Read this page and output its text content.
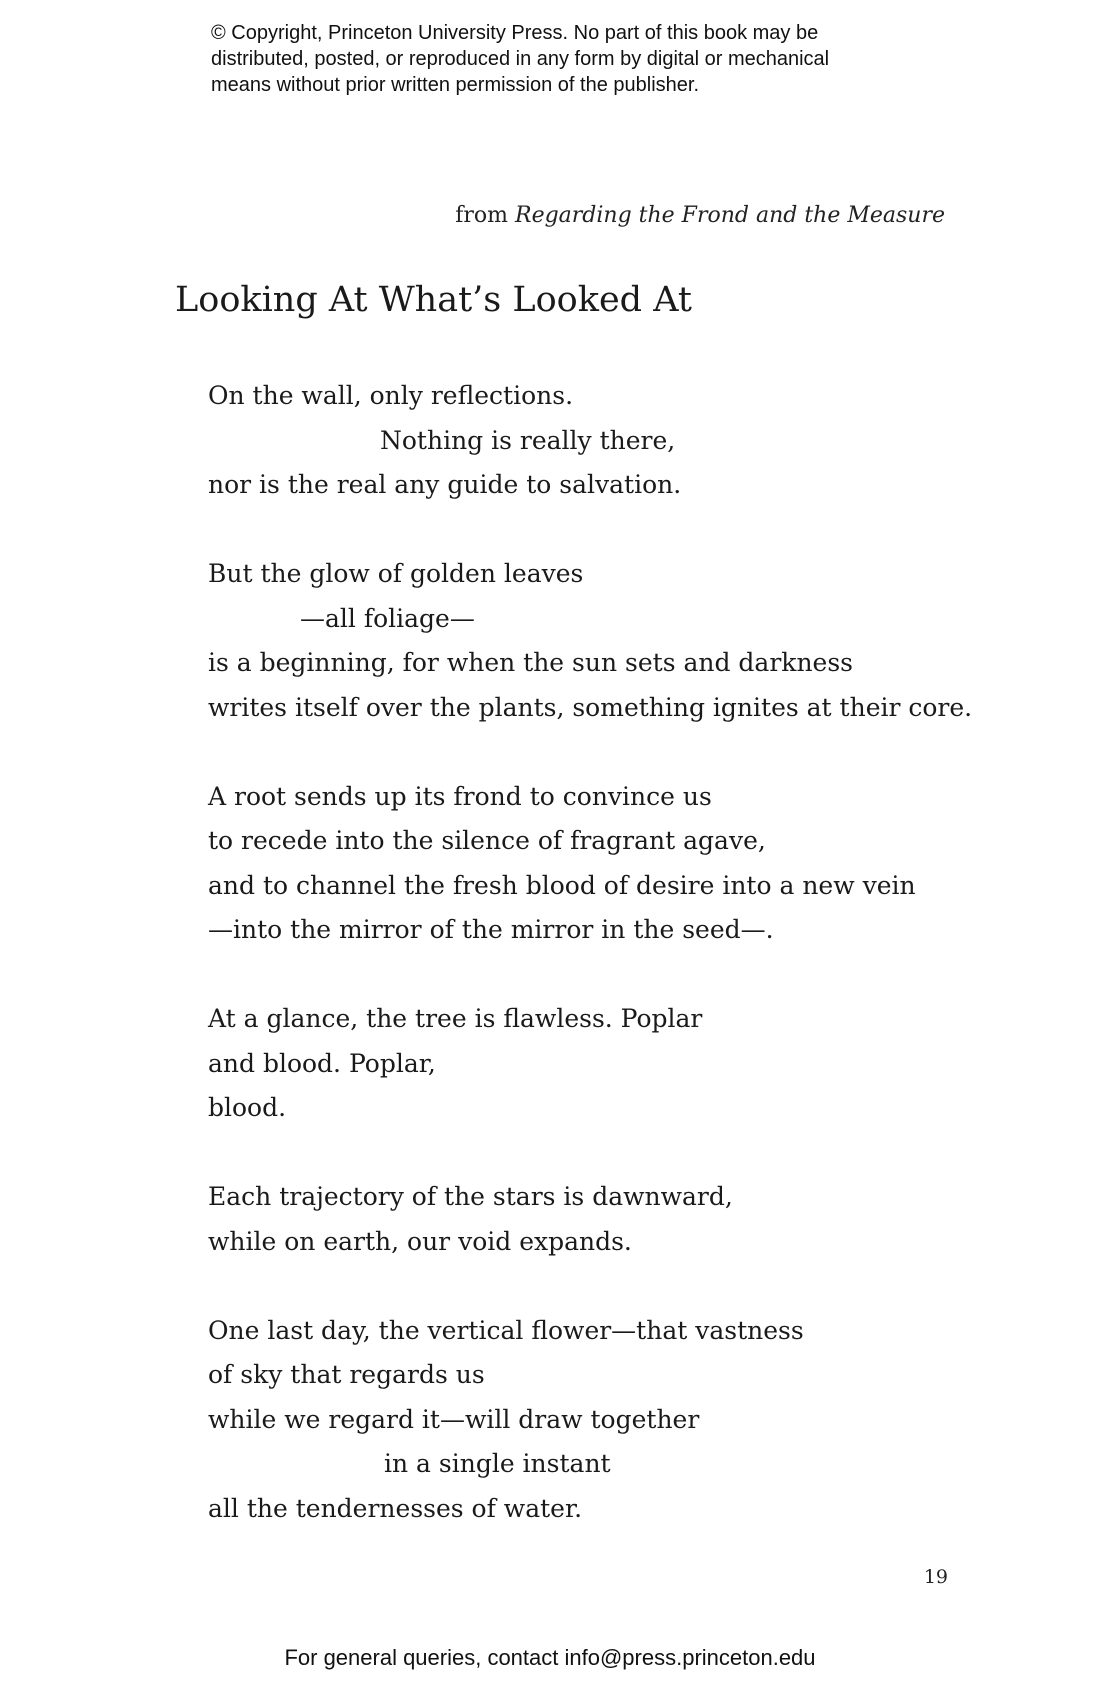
© Copyright, Princeton University Press. No part of this book may be
distributed, posted, or reproduced in any form by digital or mechanical
means without prior written permission of the publisher.
from Regarding the Frond and the Measure
Looking At What’s Looked At
On the wall, only reflections.
Nothing is really there,
nor is the real any guide to salvation.
But the glow of golden leaves
—all foliage—
is a beginning, for when the sun sets and darkness
writes itself over the plants, something ignites at their core.
A root sends up its frond to convince us
to recede into the silence of fragrant agave,
and to channel the fresh blood of desire into a new vein
—into the mirror of the mirror in the seed—.
At a glance, the tree is flawless. Poplar
and blood. Poplar,
blood.
Each trajectory of the stars is dawnward,
while on earth, our void expands.
One last day, the vertical flower—that vastness
of sky that regards us
while we regard it—will draw together
in a single instant
all the tendernesses of water.
19
For general queries, contact info@press.princeton.edu
